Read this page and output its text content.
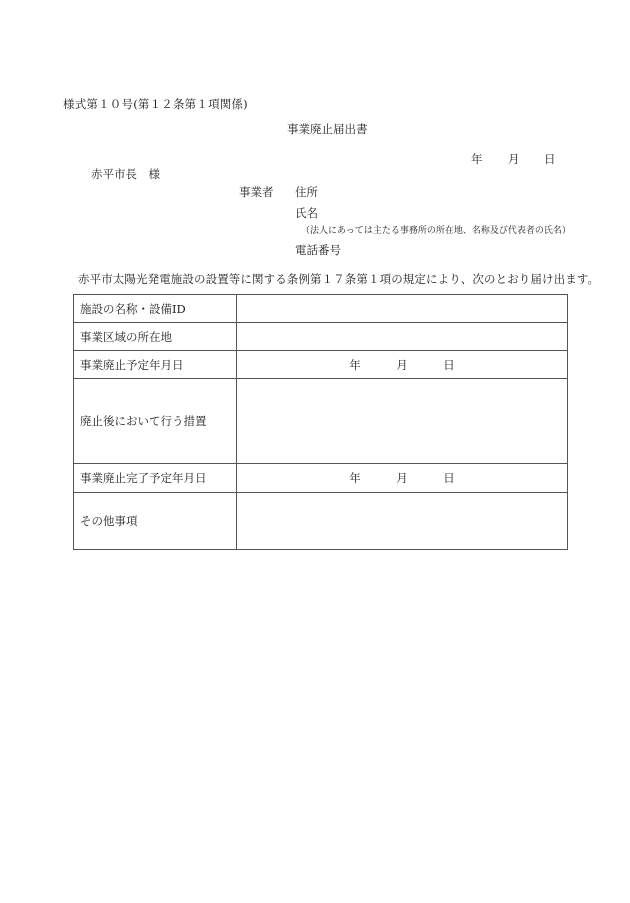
様式第１０号(第１２条第１項関係)
事業廃止届出書
年 月 日
赤平市長　様
事業者 住所
氏名
（法人にあっては主たる事務所の所在地、名称及び代表者の氏名）
電話番号
赤平市太陽光発電施設の設置等に関する条例第１７条第１項の規定により、次のとおり届け出ます。
施設の名称・設備ID	
事業区域の所在地	
事業廃止予定年月日	年 月 日

廃止後において行う措置	
事業廃止完了予定年月日	年 月 日

その他事項	
